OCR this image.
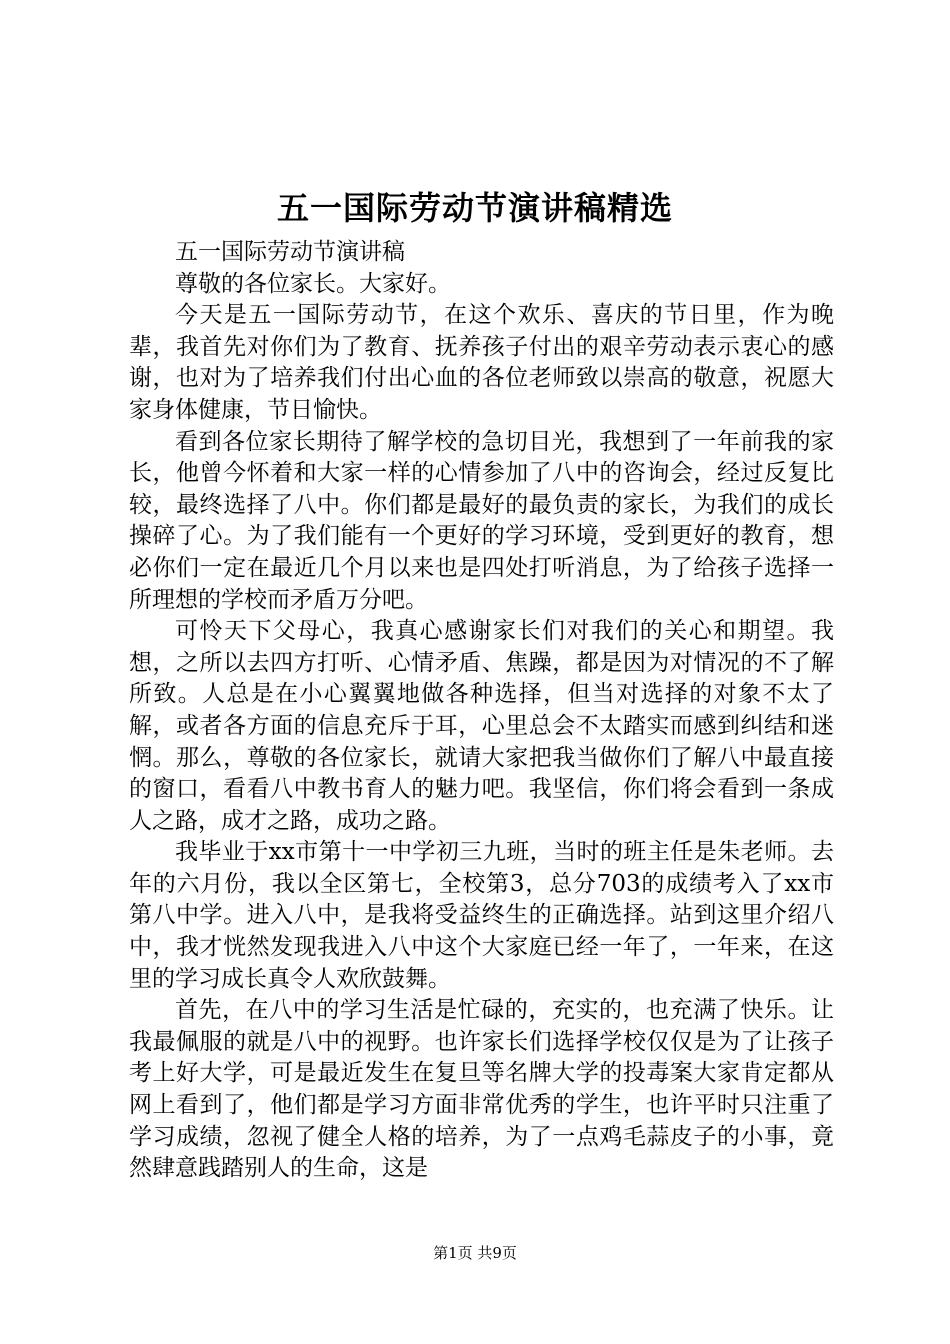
五一国际劳动节演讲稿精选

五一国际劳动节演讲稿

尊敬的各位家长。大家好。

今天是五一国际劳动节，在这个欢乐、喜庆的节日里，作为晚辈，我首先对你们为了教育、抚养孩子付出的艰辛劳动表示衷心的感谢，也对为了培养我们付出心血的各位老师致以崇高的敬意，祝愿大家身体健康，节日愉快。

看到各位家长期待了解学校的急切目光，我想到了一年前我的家长，他曾今怀着和大家一样的心情参加了八中的咨询会，经过反复比较，最终选择了八中。你们都是最好的最负责的家长，为我们的成长操碎了心。为了我们能有一个更好的学习环境，受到更好的教育，想必你们一定在最近几个月以来也是四处打听消息，为了给孩子选择一所理想的学校而矛盾万分吧。

可怜天下父母心，我真心感谢家长们对我们的关心和期望。我想，之所以去四方打听、心情矛盾、焦躁，都是因为对情况的不了解所致。人总是在小心翼翼地做各种选择，但当对选择的对象不太了解，或者各方面的信息充斥于耳，心里总会不太踏实而感到纠结和迷惘。那么，尊敬的各位家长，就请大家把我当做你们了解八中最直接的窗口，看看八中教书育人的魅力吧。我坚信，你们将会看到一条成人之路，成才之路，成功之路。

我毕业于xx市第十一中学初三九班，当时的班主任是朱老师。去年的六月份，我以全区第七，全校第3，总分703的成绩考入了xx市第八中学。进入八中，是我将受益终生的正确选择。站到这里介绍八中，我才恍然发现我进入八中这个大家庭已经一年了，一年来，在这里的学习成长真令人欢欣鼓舞。

首先，在八中的学习生活是忙碌的，充实的，也充满了快乐。让我最佩服的就是八中的视野。也许家长们选择学校仅仅是为了让孩子考上好大学，可是最近发生在复旦等名牌大学的投毒案大家肯定都从网上看到了，他们都是学习方面非常优秀的学生，也许平时只注重了学习成绩，忽视了健全人格的培养，为了一点鸡毛蒜皮子的小事，竟然肆意践踏别人的生命，这是

第1页 共9页
